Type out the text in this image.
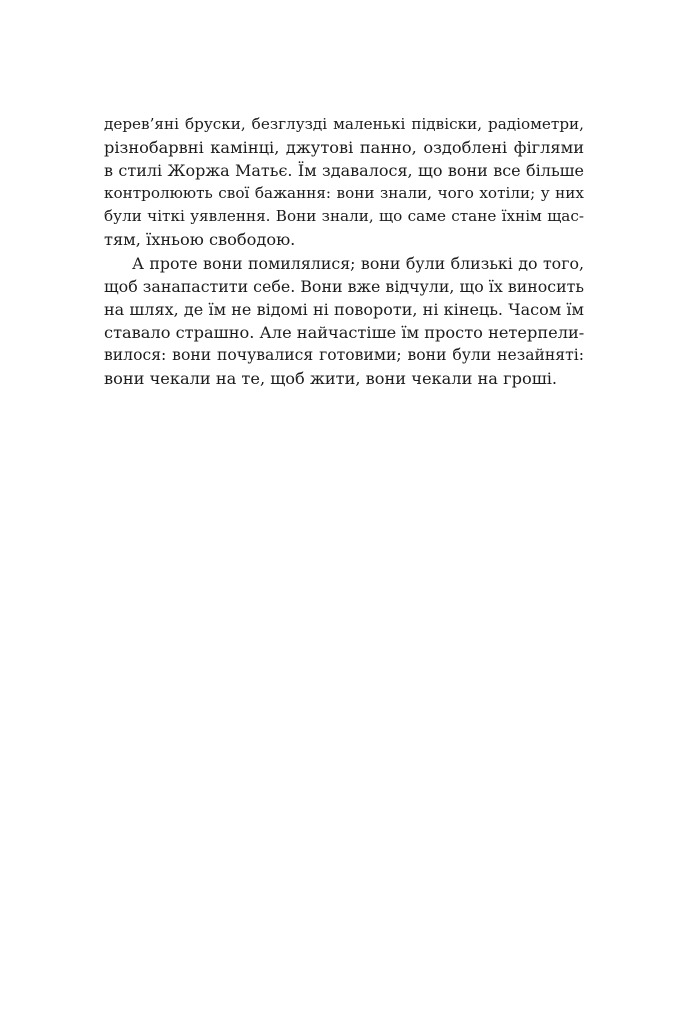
дерев’яні бруски, безглузді маленькі підвіски, радіометри,
різнобарвні камінці, джутові панно, оздоблені фіглями
в стилі Жоржа Матьє. Їм здавалося, що вони все більше
контролюють свої бажання: вони знали, чого хотіли; у них
були чіткі уявлення. Вони знали, що саме стане їхнім щас-
тям, їхньою свободою.
А проте вони помилялися; вони були близькі до того,
щоб занапастити себе. Вони вже відчули, що їх виносить
на шлях, де їм не відомі ні повороти, ні кінець. Часом їм
ставало страшно. Але найчастіше їм просто нетерпели-
вилося: вони почувалися готовими; вони були незайняті:
вони чекали на те, щоб жити, вони чекали на гроші.
